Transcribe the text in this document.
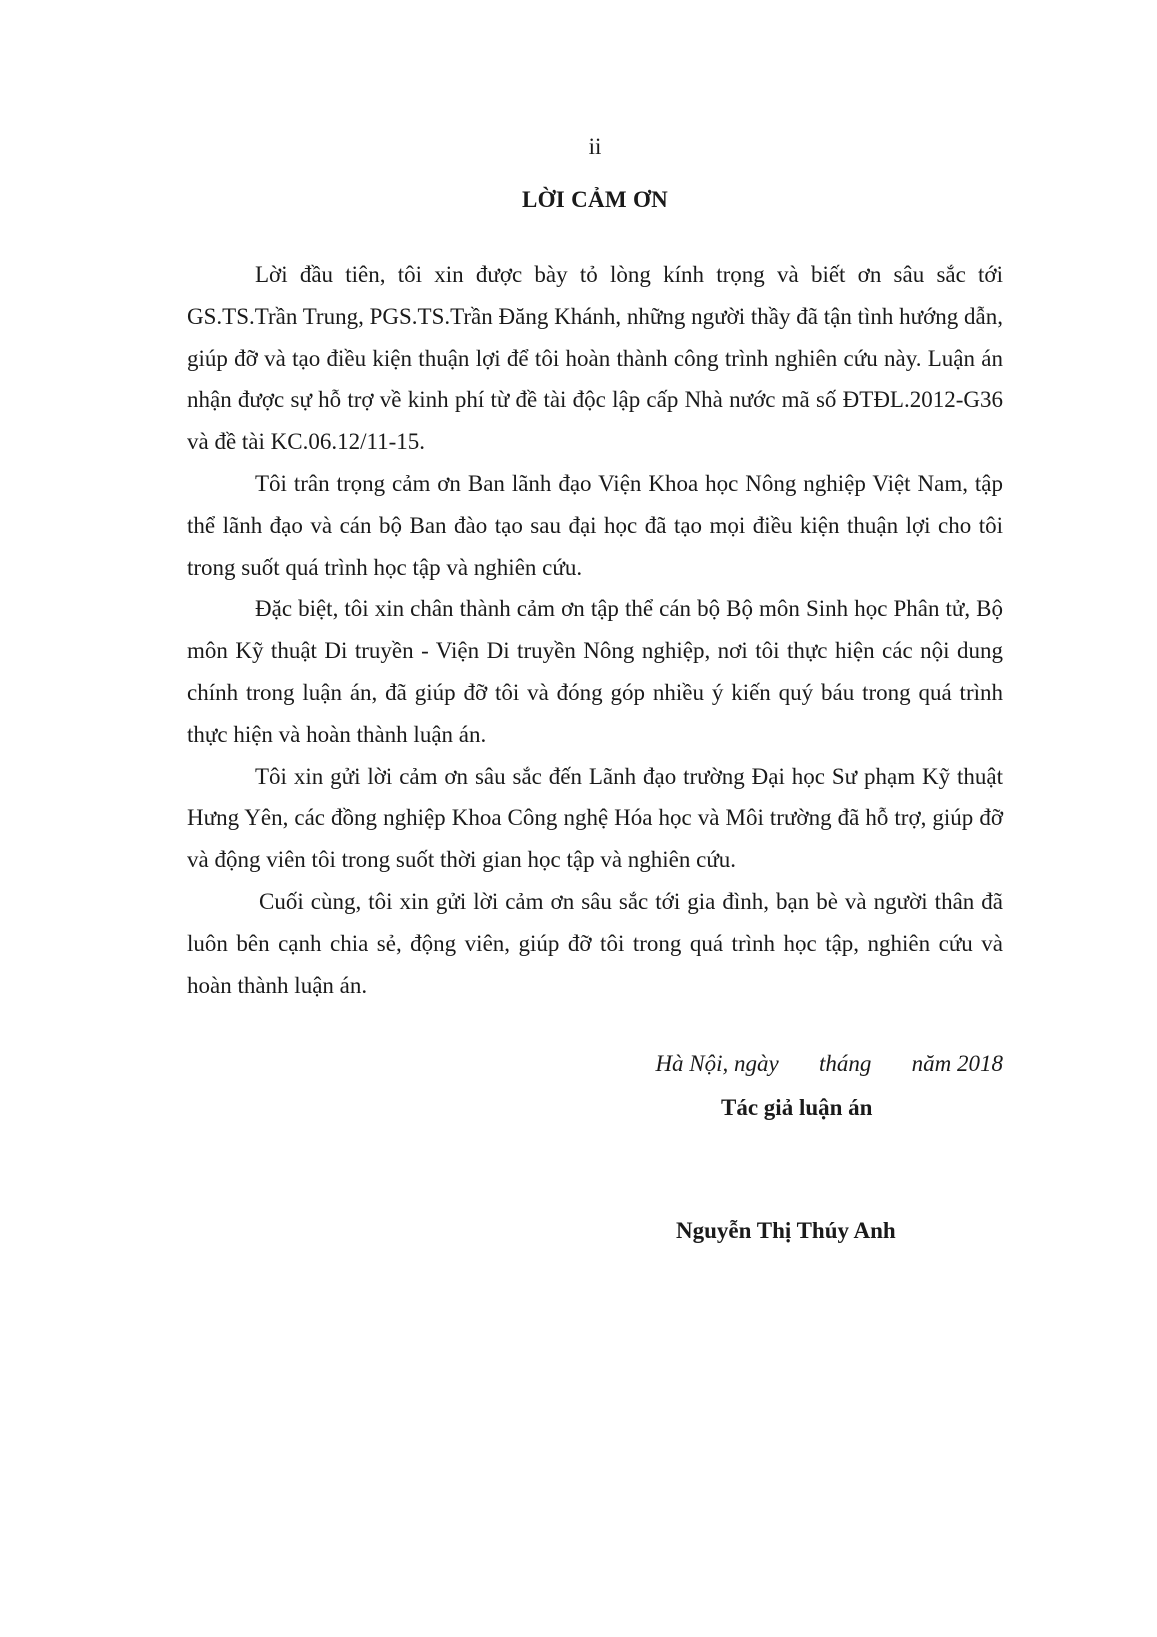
ii
LỜI CẢM ƠN

Lời đầu tiên, tôi xin được bày tỏ lòng kính trọng và biết ơn sâu sắc tới GS.TS.Trần Trung, PGS.TS.Trần Đăng Khánh, những người thầy đã tận tình hướng dẫn, giúp đỡ và tạo điều kiện thuận lợi để tôi hoàn thành công trình nghiên cứu này. Luận án nhận được sự hỗ trợ về kinh phí từ đề tài độc lập cấp Nhà nước mã số ĐTĐL.2012-G36 và đề tài KC.06.12/11-15.

Tôi trân trọng cảm ơn Ban lãnh đạo Viện Khoa học Nông nghiệp Việt Nam, tập thể lãnh đạo và cán bộ Ban đào tạo sau đại học đã tạo mọi điều kiện thuận lợi cho tôi trong suốt quá trình học tập và nghiên cứu.

Đặc biệt, tôi xin chân thành cảm ơn tập thể cán bộ Bộ môn Sinh học Phân tử, Bộ môn Kỹ thuật Di truyền - Viện Di truyền Nông nghiệp, nơi tôi thực hiện các nội dung chính trong luận án, đã giúp đỡ tôi và đóng góp nhiều ý kiến quý báu trong quá trình thực hiện và hoàn thành luận án.

Tôi xin gửi lời cảm ơn sâu sắc đến Lãnh đạo trường Đại học Sư phạm Kỹ thuật Hưng Yên, các đồng nghiệp Khoa Công nghệ Hóa học và Môi trường đã hỗ trợ, giúp đỡ và động viên tôi trong suốt thời gian học tập và nghiên cứu.

Cuối cùng, tôi xin gửi lời cảm ơn sâu sắc tới gia đình, bạn bè và người thân đã luôn bên cạnh chia sẻ, động viên, giúp đỡ tôi trong quá trình học tập, nghiên cứu và hoàn thành luận án.

Hà Nội, ngày       tháng       năm 2018
Tác giả luận án
Nguyễn Thị Thúy Anh
